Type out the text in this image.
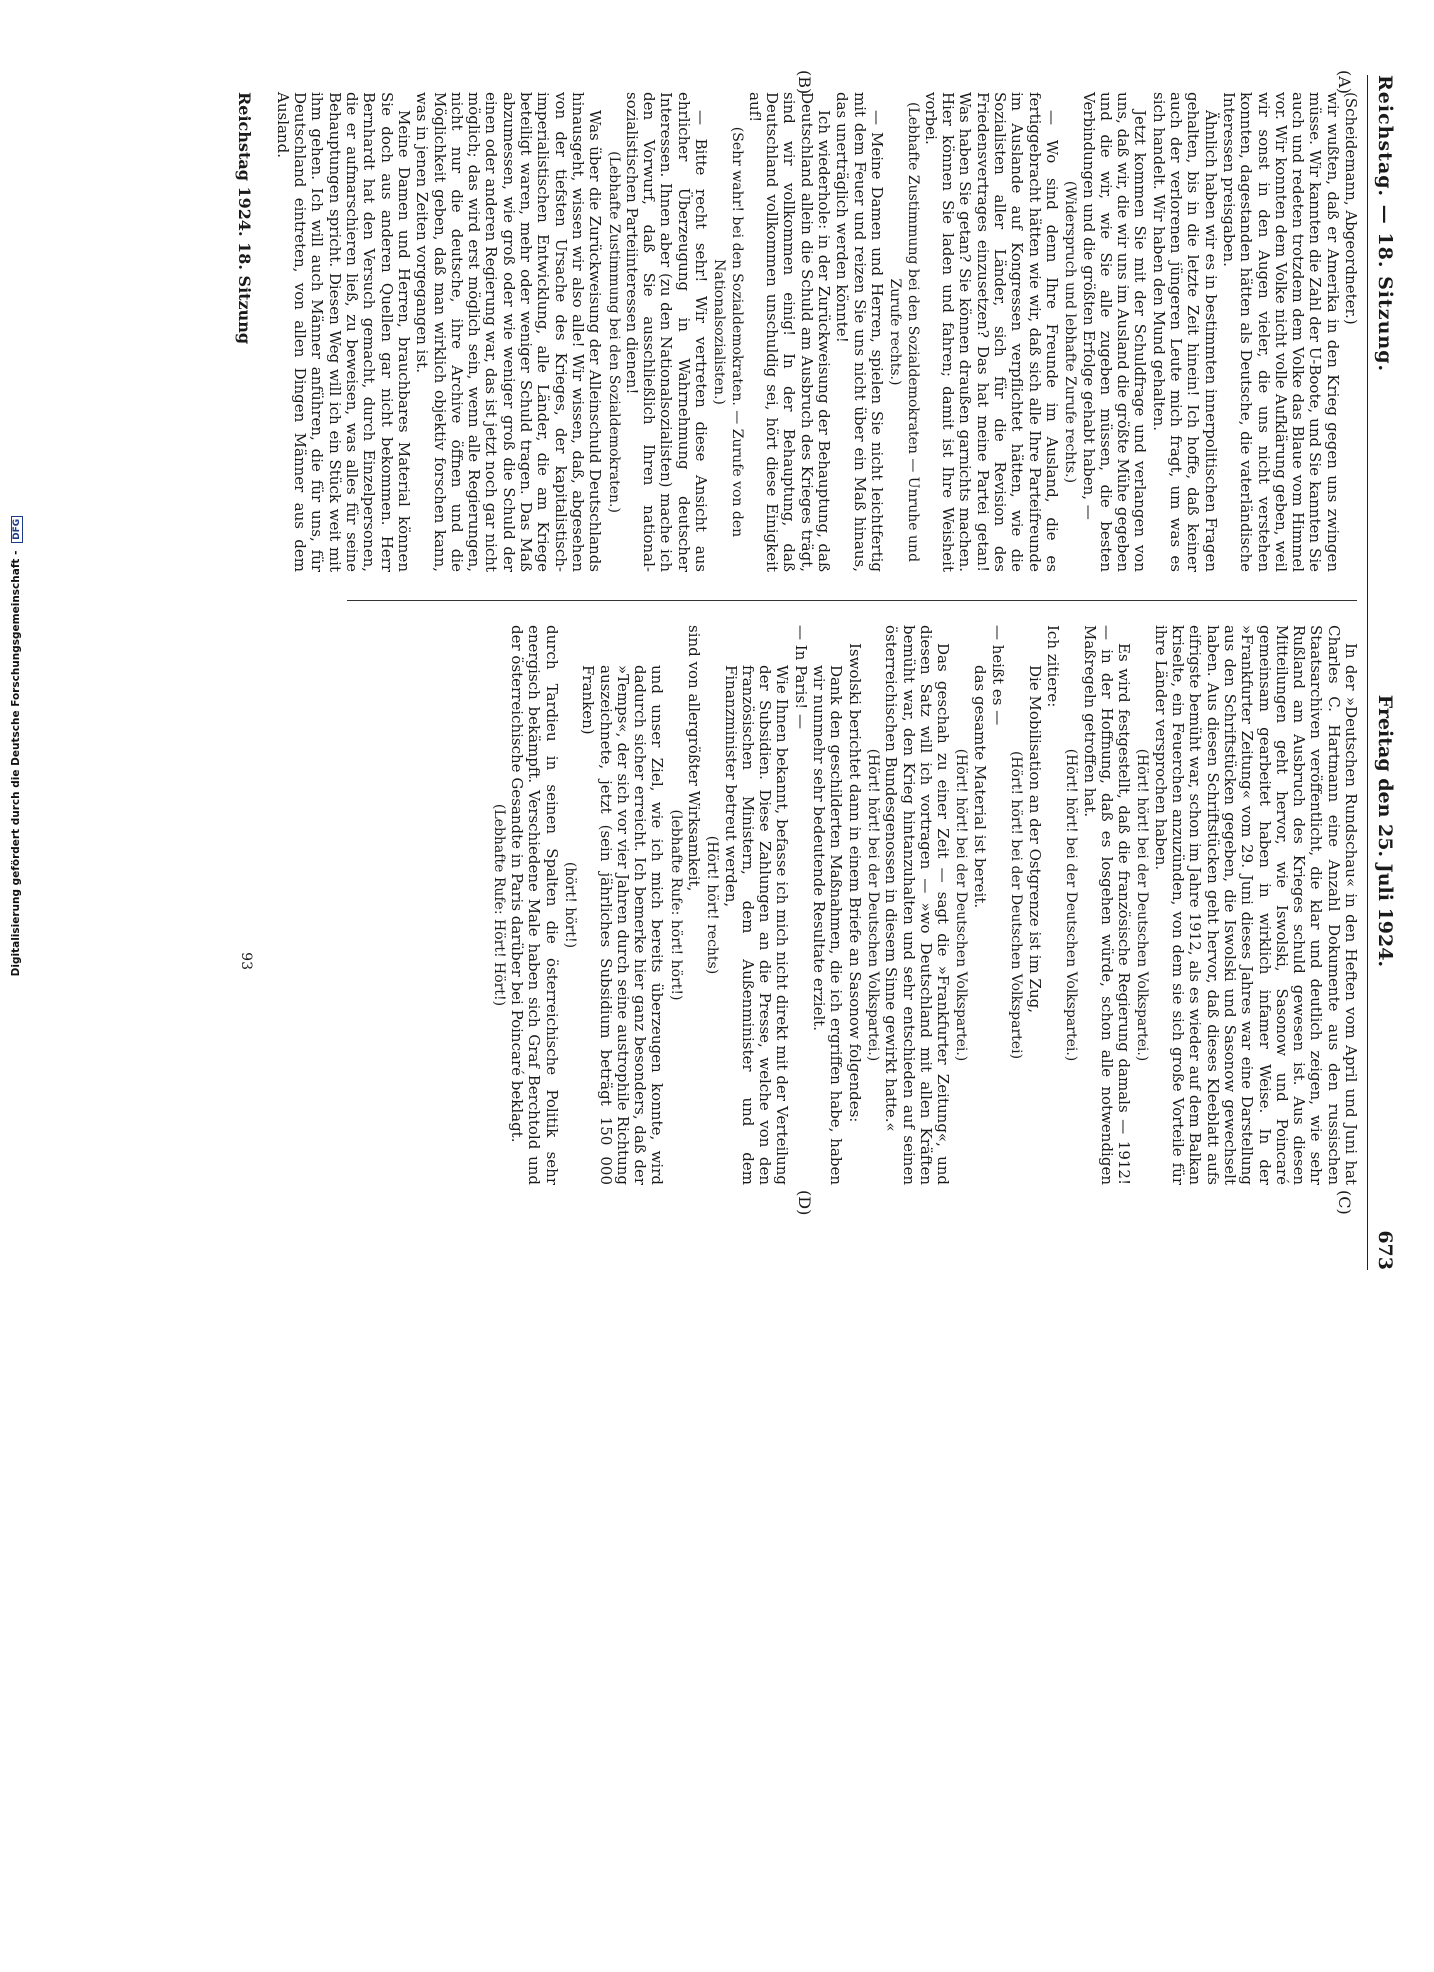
Reichstag. — 18. Sitzung.
Freitag den 25. Juli 1924.  673
(A)
(B)
(C)
(D)

(Scheidemann, Abgeordneter.)

wir wußten, daß er Amerika in den Krieg gegen uns zwingen müsse. Wir kannten die Zahl der U-Boote, und Sie kannten Sie auch und redeten trotzdem dem Volke das Blaue vom Himmel vor. Wir konnten dem Volke nicht volle Aufklärung geben, weil wir sonst in den Augen vieler, die uns nicht verstehen konnten, dagestanden hätten als Deutsche, die vaterländische Interessen preisgaben.

Ähnlich haben wir es in bestimmten innerpolitischen Fragen gehalten, bis in die letzte Zeit hinein! Ich hoffe, daß keiner auch der verlorenen jüngeren Leute mich fragt, um was es sich handelt. Wir haben den Mund gehalten.

Jetzt kommen Sie mit der Schuldfrage und verlangen von uns, daß wir, die wir uns im Ausland die größte Mühe gegeben und die wir, wie Sie alle zugeben müssen, die besten Verbindungen und die größten Erfolge gehabt haben, —

(Widerspruch und lebhafte Zurufe rechts.)

— Wo sind denn Ihre Freunde im Ausland, die es fertiggebracht hätten wie wir, daß sich alle Ihre Parteifreunde im Auslande auf Kongressen verpflichtet hätten, wie die Sozialisten aller Länder, sich für die Revision des Friedensvertrages einzusetzen? Das hat meine Partei getan! Was haben Sie getan? Sie können draußen garnichts machen. Hier können Sie laden und fahren; damit ist Ihre Weisheit vorbei.

(Lebhafte Zustimmung bei den Sozialdemokraten — Unruhe und Zurufe rechts.)

— Meine Damen und Herren, spielen Sie nicht leichtfertig mit dem Feuer und reizen Sie uns nicht über ein Maß hinaus, das unerträglich werden könnte!

Ich wiederhole: in der Zurückweisung der Behauptung, daß Deutschland allein die Schuld am Ausbruch des Krieges trägt, sind wir vollkommen einig! In der Behauptung, daß Deutschland vollkommen unschuldig sei, hört diese Einigkeit auf!

(Sehr wahr! bei den Sozialdemokraten. — Zurufe von den Nationalsozialisten.)

— Bitte recht sehr! Wir vertreten diese Ansicht aus ehrlicher Überzeugung in Wahrnehmung deutscher Interessen. Ihnen aber (zu den Nationalsozialisten) mache ich den Vorwurf, daß Sie ausschließlich Ihren national-sozialistischen Parteiinteressen dienen!

(Lebhafte Zustimmung bei den Sozialdemokraten.)

Was über die Zurückweisung der Alleinschuld Deutschlands hinausgeht, wissen wir also alle! Wir wissen, daß, abgesehen von der tiefsten Ursache des Krieges, der kapitalistisch-imperialistischen Entwicklung, alle Länder, die am Kriege beteiligt waren, mehr oder weniger Schuld tragen. Das Maß abzumessen, wie groß oder wie weniger groß die Schuld der einen oder anderen Regierung war, das ist jetzt noch gar nicht möglich; das wird erst möglich sein, wenn alle Regierungen, nicht nur die deutsche, ihre Archive öffnen und die Möglichkeit geben, daß man wirklich objektiv forschen kann, was in jenen Zeiten vorgegangen ist.

Meine Damen und Herren, brauchbares Material können Sie doch aus anderen Quellen gar nicht bekommen. Herr Bernhardt hat den Versuch gemacht, durch Einzelpersonen, die er aufmarschieren ließ, zu beweisen, was alles für seine Behauptungen spricht. Diesen Weg will ich ein Stück weit mit ihm gehen. Ich will auch Männer anführen, die für uns, für Deutschland eintreten, von allen Dingen Männer aus dem Ausland.

In der »Deutschen Rundschau« in den Heften vom April und Juni hat Charles C. Hartmann eine Anzahl Dokumente aus den russischen Staatsarchiven veröffentlicht, die klar und deutlich zeigen, wie sehr Rußland am Ausbruch des Krieges schuld gewesen ist. Aus diesen Mitteilungen geht hervor, wie Iswolski, Sasonow und Poincaré gemeinsam gearbeitet haben in wirklich infamer Weise. In der »Frankfurter Zeitung« vom 29. Juni dieses Jahres war eine Darstellung aus den Schriftstücken gegeben, die Iswolski und Sasonow gewechselt haben. Aus diesen Schriftstücken geht hervor, daß dieses Kleeblatt aufs eifrigste bemüht war, schon im Jahre 1912, als es wieder auf dem Balkan kriselte, ein Feuerchen anzuzünden, von dem sie sich große Vorteile für ihre Länder versprochen haben.

(Hört! hört! bei der Deutschen Volkspartei.)

Es wird festgestellt, daß die französische Regierung damals — 1912! — in der Hoffnung, daß es losgehen würde, schon alle notwendigen Maßregeln getroffen hat.

(Hört! hört! bei der Deutschen Volkspartei.)

Ich zitiere:

Die Mobilisation an der Ostgrenze ist im Zug,

(Hört! hört! bei der Deutschen Volkspartei)

— heißt es —

das gesamte Material ist bereit.

(Hört! hört! bei der Deutschen Volkspartei.)

Das geschah zu einer Zeit — sagt die »Frankfurter Zeitung«, und diesen Satz will ich vortragen — »wo Deutschland mit allen Kräften bemüht war, den Krieg hintanzuhalten und sehr entschieden auf seinen österreichischen Bundesgenossen in diesem Sinne gewirkt hatte.«

(Hört! hört! bei der Deutschen Volkspartei.)

Iswolski berichtet dann in einem Briefe an Sasonow folgendes:

Dank den geschilderten Maßnahmen, die ich ergriffen habe, haben wir nunmehr sehr bedeutende Resultate erzielt.

— In Paris! —

Wie Ihnen bekannt, befasse ich mich nicht direkt mit der Verteilung der Subsidien. Diese Zahlungen an die Presse, welche von den französischen Ministern, dem Außenminister und dem Finanzminister betreut werden,

(Hört! hört! rechts)

sind von allergrößter Wirksamkeit,

(lebhafte Rufe: hört! hört!)

und unser Ziel, wie ich mich bereits überzeugen konnte, wird dadurch sicher erreicht. Ich bemerke hier ganz besonders, daß der »Temps«, der sich vor vier Jahren durch seine austrophile Richtung auszeichnete, jetzt (sein jährliches Subsidium beträgt 150 000 Franken)

(hört! hört!)

durch Tardieu in seinen Spalten die österreichische Politik sehr energisch bekämpft. Verschiedene Male haben sich Graf Berchtold und der österreichische Gesandte in Paris darüber bei Poincaré beklagt.

(Lebhafte Rufe: Hört! Hört!)

Reichstag 1924. 18. Sitzung
93
Digitalisierung gefördert durch die Deutsche Forschungsgemeinschaft - DFG
